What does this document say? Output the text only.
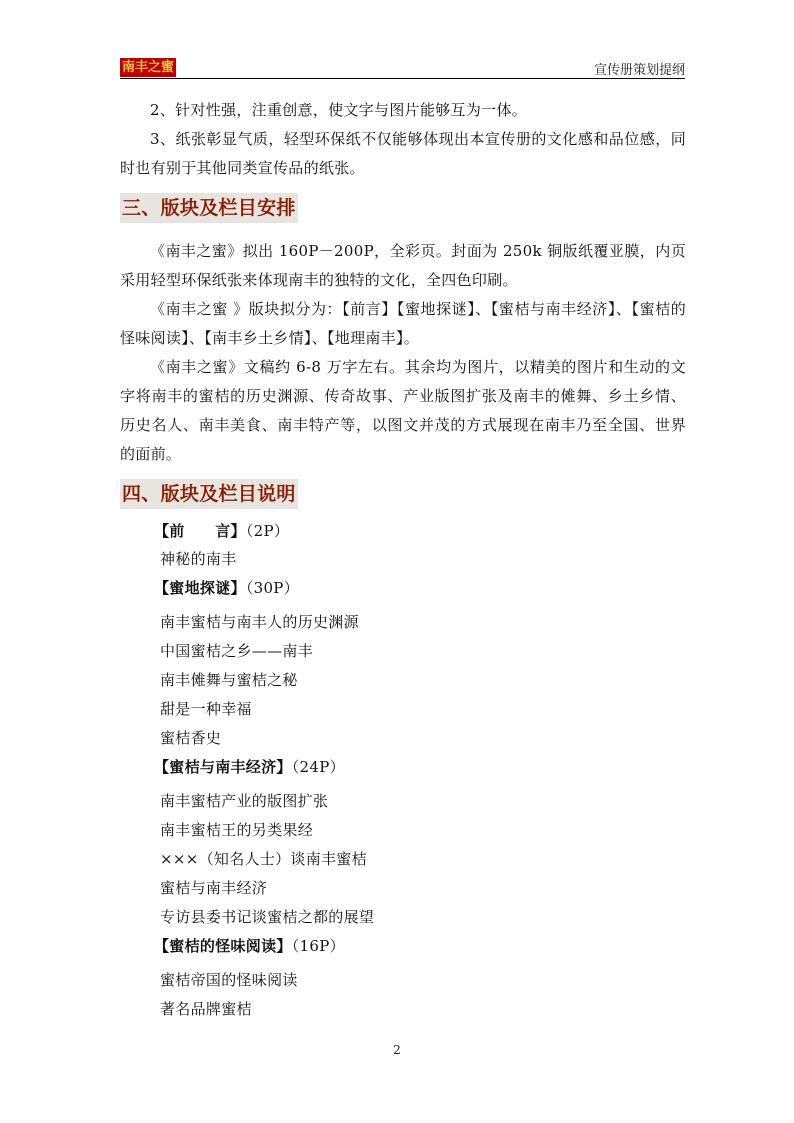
南丰之蜜	宣传册策划提纲

2、针对性强，注重创意，使文字与图片能够互为一体。

3、纸张彰显气质，轻型环保纸不仅能够体现出本宣传册的文化感和品位感，同时也有别于其他同类宣传品的纸张。

三、版块及栏目安排

《南丰之蜜》拟出 160P－200P，全彩页。封面为 250k 铜版纸覆亚膜，内页采用轻型环保纸张来体现南丰的独特的文化，全四色印刷。

《南丰之蜜 》版块拟分为：【前言】【蜜地探谜】、【蜜桔与南丰经济】、【蜜桔的怪味阅读】、【南丰乡土乡情】、【地理南丰】。

《南丰之蜜》文稿约 6-8 万字左右。其余均为图片，以精美的图片和生动的文字将南丰的蜜桔的历史渊源、传奇故事、产业版图扩张及南丰的傩舞、乡土乡情、历史名人、南丰美食、南丰特产等，以图文并茂的方式展现在南丰乃至全国、世界的面前。

四、版块及栏目说明

【前　　言】（2P）

神秘的南丰

【蜜地探谜】（30P）

南丰蜜桔与南丰人的历史渊源
中国蜜桔之乡——南丰
南丰傩舞与蜜桔之秘
甜是一种幸福
蜜桔香史

【蜜桔与南丰经济】（24P）

南丰蜜桔产业的版图扩张
南丰蜜桔王的另类果经
×××（知名人士）谈南丰蜜桔
蜜桔与南丰经济
专访县委书记谈蜜桔之都的展望

【蜜桔的怪味阅读】（16P）

蜜桔帝国的怪味阅读
著名品牌蜜桔
2
